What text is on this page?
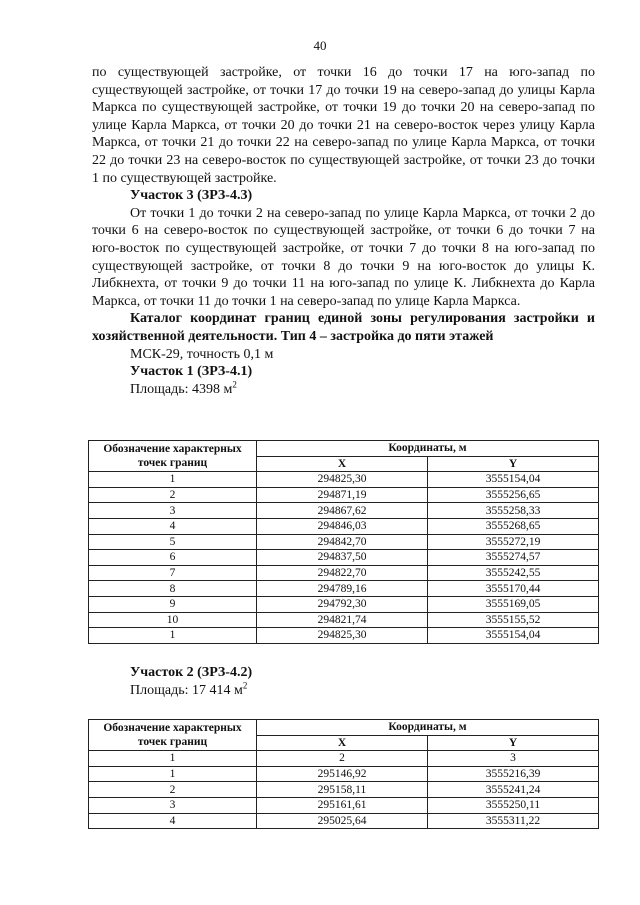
40

по существующей застройке, от точки 16 до точки 17 на юго-запад по существующей застройке, от точки 17 до точки 19 на северо-запад до улицы Карла Маркса по существующей застройке, от точки 19 до точки 20 на северо-запад по улице Карла Маркса, от точки 20 до точки 21 на северо-восток через улицу Карла Маркса, от точки 21 до точки 22 на северо-запад по улице Карла Маркса, от точки 22 до точки 23 на северо-восток по существующей застройке, от точки 23 до точки 1 по существующей застройке.

Участок 3 (ЗРЗ-4.3)

От точки 1 до точки 2 на северо-запад по улице Карла Маркса, от точки 2 до точки 6 на северо-восток по существующей застройке, от точки 6 до точки 7 на юго-восток по существующей застройке, от точки 7 до точки 8 на юго-запад по существующей застройке, от точки 8 до точки 9 на юго-восток до улицы К. Либкнехта, от точки 9 до точки 11 на юго-запад по улице К. Либкнехта до Карла Маркса, от точки 11 до точки 1 на северо-запад по улице Карла Маркса.

Каталог координат границ единой зоны регулирования застройки и хозяйственной деятельности. Тип 4 – застройка до пяти этажей

МСК-29, точность 0,1 м

Участок 1 (ЗРЗ-4.1)

Площадь: 4398 $м^2$

Обозначение характерных точек границ	Координаты, м	
	X	Y
1	294825,30	3555154,04
2	294871,19	3555256,65
3	294867,62	3555258,33
4	294846,03	3555268,65
5	294842,70	3555272,19
6	294837,50	3555274,57
7	294822,70	3555242,55
8	294789,16	3555170,44
9	294792,30	3555169,05
10	294821,74	3555155,52
1	294825,30	3555154,04
Участок 2 (ЗРЗ-4.2)
Площадь: 17 414 $м^2$
Обозначение характерных точек границ	Координаты, м	
	X	Y
1	2	3
1	295146,92	3555216,39
2	295158,11	3555241,24
3	295161,61	3555250,11
4	295025,64	3555311,22
